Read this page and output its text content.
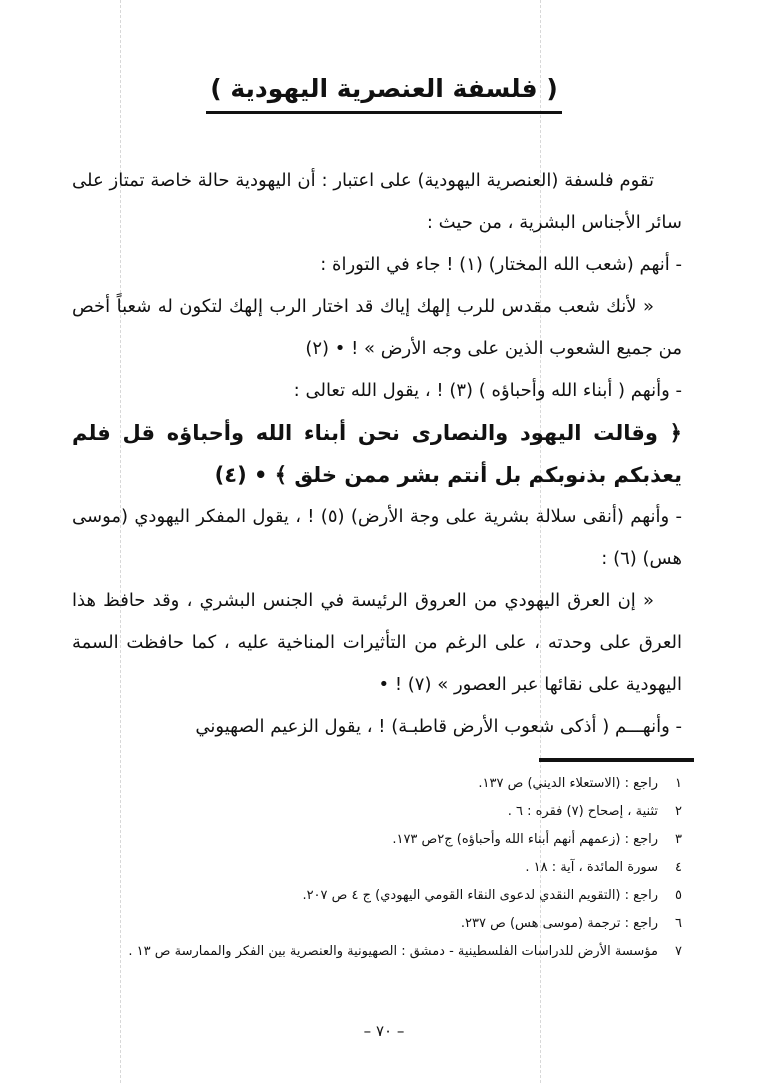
( فلسفة العنصرية اليهودية )

تقوم فلسفة (العنصرية اليهودية) على اعتبار : أن اليهودية حالة خاصة تمتاز على سائر الأجناس البشرية ، من حيث :

- أنهم (شعب الله المختار) (١) ! جاء في التوراة :

« لأنك شعب مقدس للرب إلهك إياك قد اختار الرب إلهك لتكون له شعباً أخص من جميع الشعوب الذين على وجه الأرض » ! • (٢)

- وأنهم ( أبناء الله وأحباؤه ) (٣) ! ، يقول الله تعالى :

﴿ وقالت اليهود والنصارى نحن أبناء الله وأحباؤه قل فلم يعذبكم بذنوبكم بل أنتم بشر ممن خلق ﴾ • (٤)

- وأنهم (أنقى سلالة بشرية على وجة الأرض) (٥) ! ، يقول المفكر اليهودي (موسى هس) (٦) :

« إن العرق اليهودي من العروق الرئيسة في الجنس البشري ، وقد حافظ هذا العرق على وحدته ، على الرغم من التأثيرات المناخية عليه ، كما حافظت السمة اليهودية على نقائها عبر العصور » (٧) ! •

- وأنهـــم ( أذكى شعوب الأرض قاطبـة) ! ، يقول الزعيم الصهيوني

١
راجع : (الاستعلاء الديني) ص ١٣٧.
٢
تثنية ، إصحاح (٧) فقره : ٦ .
٣
راجع : (زعمهم أنهم أبناء الله وأحباؤه) ج٢ص ١٧٣.
٤
سورة المائدة ، آية : ١٨ .
٥
راجع : (التقويم النقدي لدعوى النقاء القومي اليهودي) ج ٤ ص ٢٠٧.
٦
راجع : ترجمة (موسى هس) ص ٢٣٧.
٧
مؤسسة الأرض للدراسات الفلسطينية - دمشق : الصهيونية والعنصرية بين الفكر والممارسة ص ١٣ .
– ٧٠ –
